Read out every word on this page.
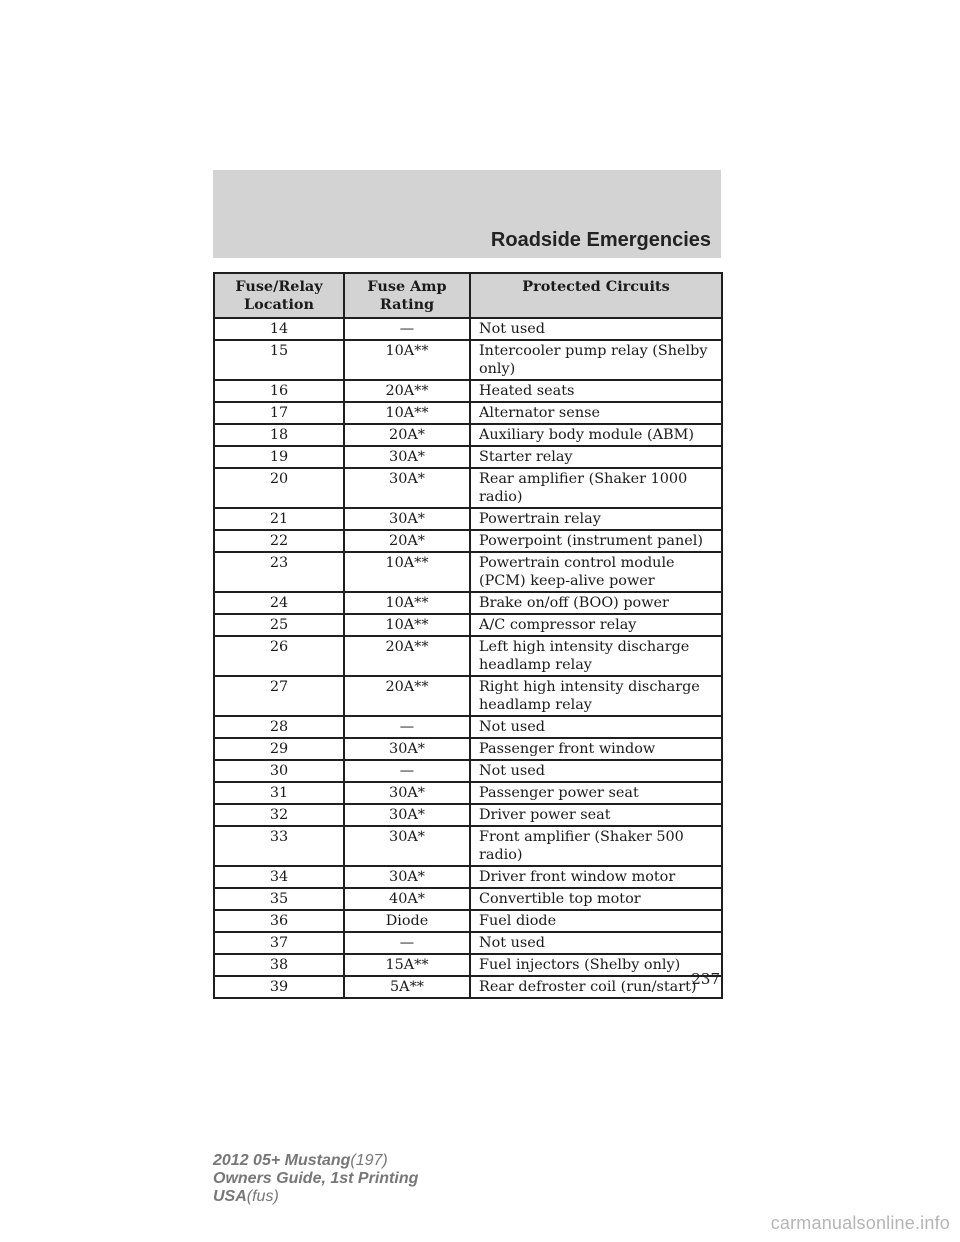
Roadside Emergencies
Fuse/Relay Location	Fuse Amp Rating	Protected Circuits
14	—	Not used
15	10A**	Intercooler pump relay (Shelby only)
16	20A**	Heated seats
17	10A**	Alternator sense
18	20A*	Auxiliary body module (ABM)
19	30A*	Starter relay
20	30A*	Rear amplifier (Shaker 1000 radio)
21	30A*	Powertrain relay
22	20A*	Powerpoint (instrument panel)
23	10A**	Powertrain control module (PCM) keep-alive power
24	10A**	Brake on/off (BOO) power
25	10A**	A/C compressor relay
26	20A**	Left high intensity discharge headlamp relay
27	20A**	Right high intensity discharge headlamp relay
28	—	Not used
29	30A*	Passenger front window
30	—	Not used
31	30A*	Passenger power seat
32	30A*	Driver power seat
33	30A*	Front amplifier (Shaker 500 radio)
34	30A*	Driver front window motor
35	40A*	Convertible top motor
36	Diode	Fuel diode
37	—	Not used
38	15A**	Fuel injectors (Shelby only)
39	5A**	Rear defroster coil (run/start)
237
2012 05+ Mustang(197)
Owners Guide, 1st Printing
USA(fus)
carmanualsonline.info
